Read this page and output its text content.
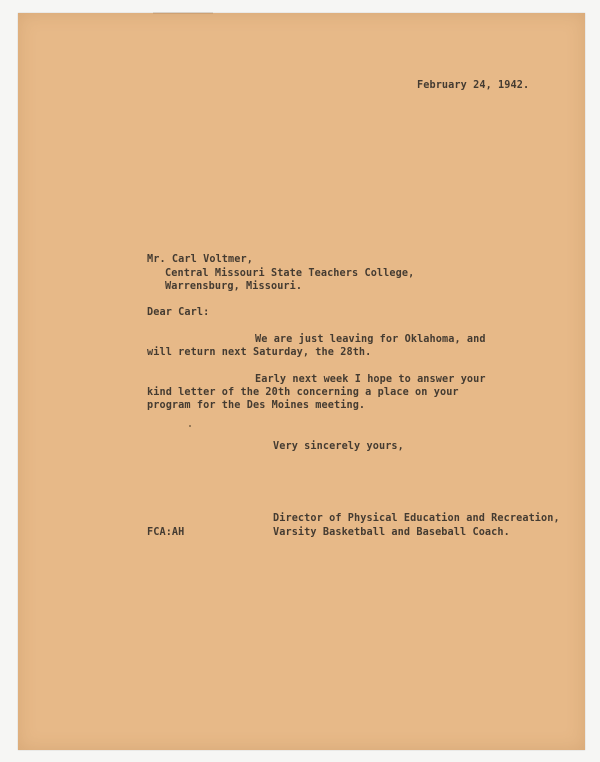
February 24, 1942.
Mr. Carl Voltmer,
Central Missouri State Teachers College,
Warrensburg, Missouri.
Dear Carl:
We are just leaving for Oklahoma, and
will return next Saturday, the 28th.
Early next week I hope to answer your
kind letter of the 20th concerning a place on your
program for the Des Moines meeting.
Very sincerely yours,
Director of Physical Education and Recreation,
FCA:AH	Varsity Basketball and Baseball Coach.
